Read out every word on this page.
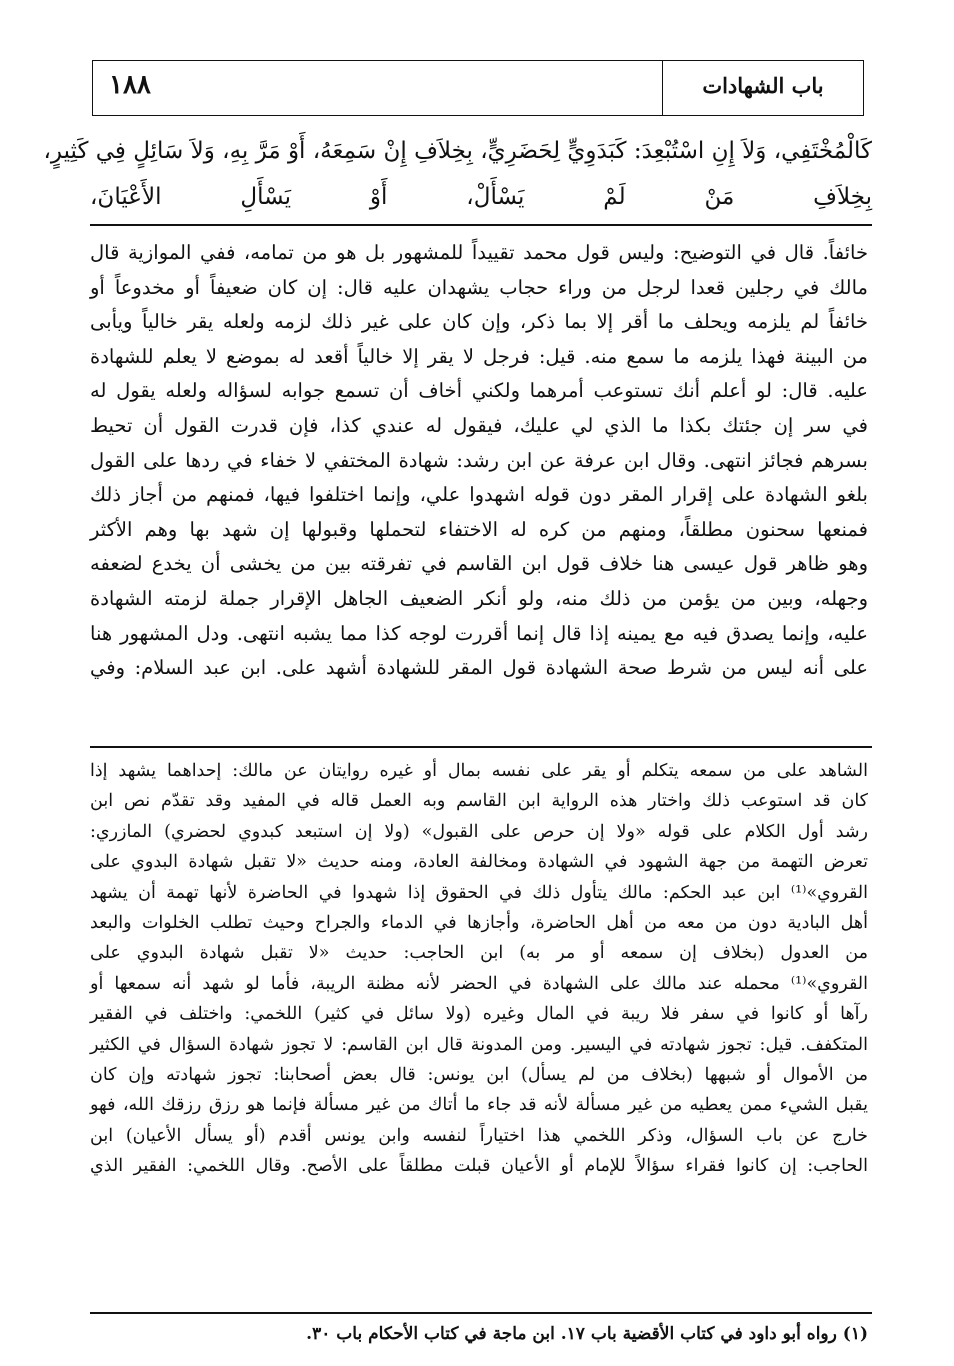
باب الشهادات
١٨٨
كَالْمُخْتَفِي، وَلاَ إِنِ اسْتُبْعِدَ: كَبَدَوِيٍّ لِحَضَرِيٍّ، بِخِلاَفِ إِنْ سَمِعَهُ، أَوْ مَرَّ بِهِ، وَلاَ سَائِلٍ فِي كَثِيرٍ،
بِخِلاَفِ مَنْ لَمْ يَسْأَلْ، أَوْ يَسْأَلِ الأَعْيَانَ،
خائفاً. قال في التوضيح: وليس قول محمد تقييداً للمشهور بل هو من تمامه، ففي الموازية قال
مالك في رجلين قعدا لرجل من وراء حجاب يشهدان عليه قال: إن كان ضعيفاً أو مخدوعاً أو
خائفاً لم يلزمه ويحلف ما أقر إلا بما ذكر، وإن كان على غير ذلك لزمه ولعله يقر خالياً ويأبى
من البينة فهذا يلزمه ما سمع منه. قيل: فرجل لا يقر إلا خالياً أقعد له بموضع لا يعلم للشهادة
عليه. قال: لو أعلم أنك تستوعب أمرهما ولكني أخاف أن تسمع جوابه لسؤاله ولعله يقول له
في سر إن جئتك بكذا ما الذي لي عليك، فيقول له عندي كذا، فإن قدرت القول أن تحيط
بسرهم فجائز انتهى. وقال ابن عرفة عن ابن رشد: شهادة المختفي لا خفاء في ردها على القول
بلغو الشهادة على إقرار المقر دون قوله اشهدوا علي، وإنما اختلفوا فيها، فمنهم من أجاز ذلك
فمنعها سحنون مطلقاً، ومنهم من كره له الاختفاء لتحملها وقبولها إن شهد بها وهم الأكثر
وهو ظاهر قول عيسى هنا خلاف قول ابن القاسم في تفرقته بين من يخشى أن يخدع لضعفه
وجهله، وبين من يؤمن من ذلك منه، ولو أنكر الضعيف الجاهل الإقرار جملة لزمته الشهادة
عليه، وإنما يصدق فيه مع يمينه إذا قال إنما أقررت لوجه كذا مما يشبه انتهى. ودل المشهور هنا
على أنه ليس من شرط صحة الشهادة قول المقر للشهادة أشهد على. ابن عبد السلام: وفي
الشاهد على من سمعه يتكلم أو يقر على نفسه بمال أو غيره روايتان عن مالك: إحداهما يشهد إذا
كان قد استوعب ذلك واختار هذه الرواية ابن القاسم وبه العمل قاله في المفيد وقد تقدّم نص ابن
رشد أول الكلام على قوله «ولا إن حرص على القبول» (ولا إن استبعد كبدوي لحضري) المازري:
تعرض التهمة من جهة الشهود في الشهادة ومخالفة العادة، ومنه حديث «لا تقبل شهادة البدوي على
القروي»⁽¹⁾ ابن عبد الحكم: مالك يتأول ذلك في الحقوق إذا شهدوا في الحاضرة لأنها تهمة أن يشهد
أهل البادية دون من معه من أهل الحاضرة، وأجازها في الدماء والجراح وحيث تطلب الخلوات والبعد
من العدول (بخلاف إن سمعه أو مر به) ابن الحاجب: حديث «لا تقبل شهادة البدوي على
القروي»⁽¹⁾ محمله عند مالك على الشهادة في الحضر لأنه مظنة الريبة، فأما لو شهد أنه سمعها أو
رآها أو كانوا في سفر فلا ريبة في المال وغيره (ولا سائل في كثير) اللخمي: واختلف في الفقير
المتكفف. قيل: تجوز شهادته في اليسير. ومن المدونة قال ابن القاسم: لا تجوز شهادة السؤال في الكثير
من الأموال أو شبهها (بخلاف من لم يسأل) ابن يونس: قال بعض أصحابنا: تجوز شهادته وإن كان
يقبل الشيء ممن يعطيه من غير مسألة لأنه قد جاء ما أتاك من غير مسألة فإنما هو رزق رزقك الله، فهو
خارج عن باب السؤال، وذكر اللخمي هذا اختياراً لنفسه وابن يونس أقدم (أو يسأل الأعيان) ابن
الحاجب: إن كانوا فقراء سؤالاً للإمام أو الأعيان قبلت مطلقاً على الأصح. وقال اللخمي: الفقير الذي
(١) رواه أبو داود في كتاب الأقضية باب ١٧. ابن ماجة في كتاب الأحكام باب ٣٠.
